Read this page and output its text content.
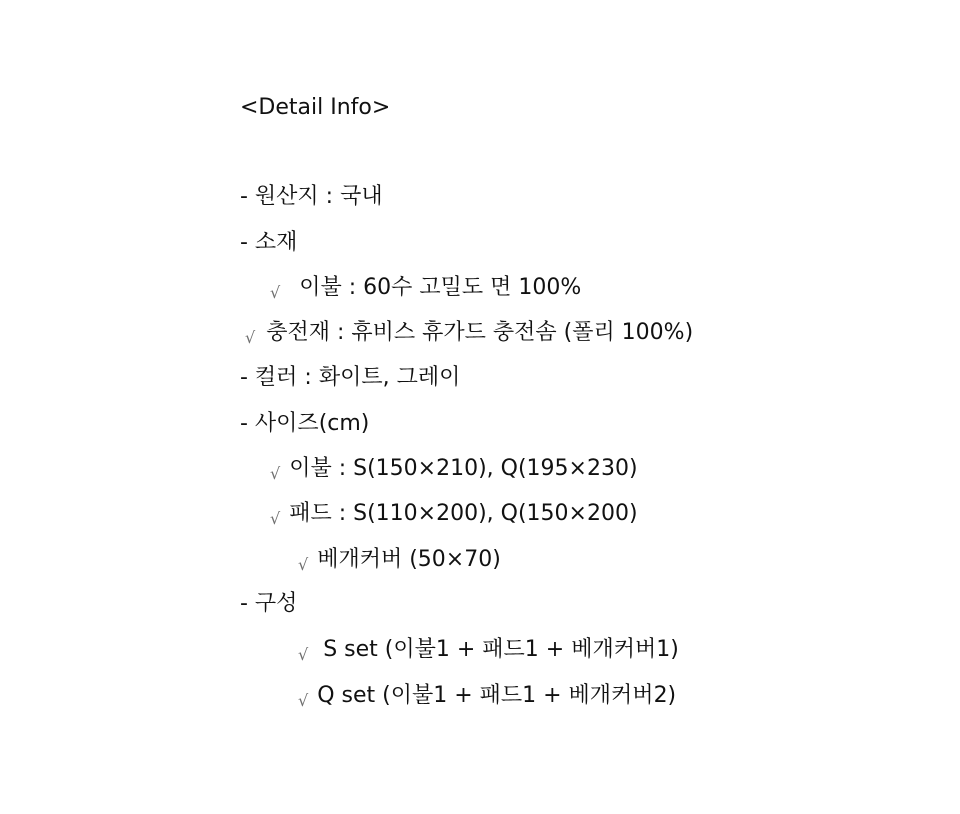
<Detail Info>
- 원산지 : 국내
- 소재
√ 이불 : 60수 고밀도 면 100%
√ 충전재 : 휴비스 휴가드 충전솜 (폴리 100%)
- 컬러 : 화이트, 그레이
- 사이즈(cm)
√ 이불 : S(150×210), Q(195×230)
√ 패드 : S(110×200), Q(150×200)
√ 베개커버 (50×70)
- 구성
√ S set (이불1 + 패드1 + 베개커버1)
√ Q set (이불1 + 패드1 + 베개커버2)
